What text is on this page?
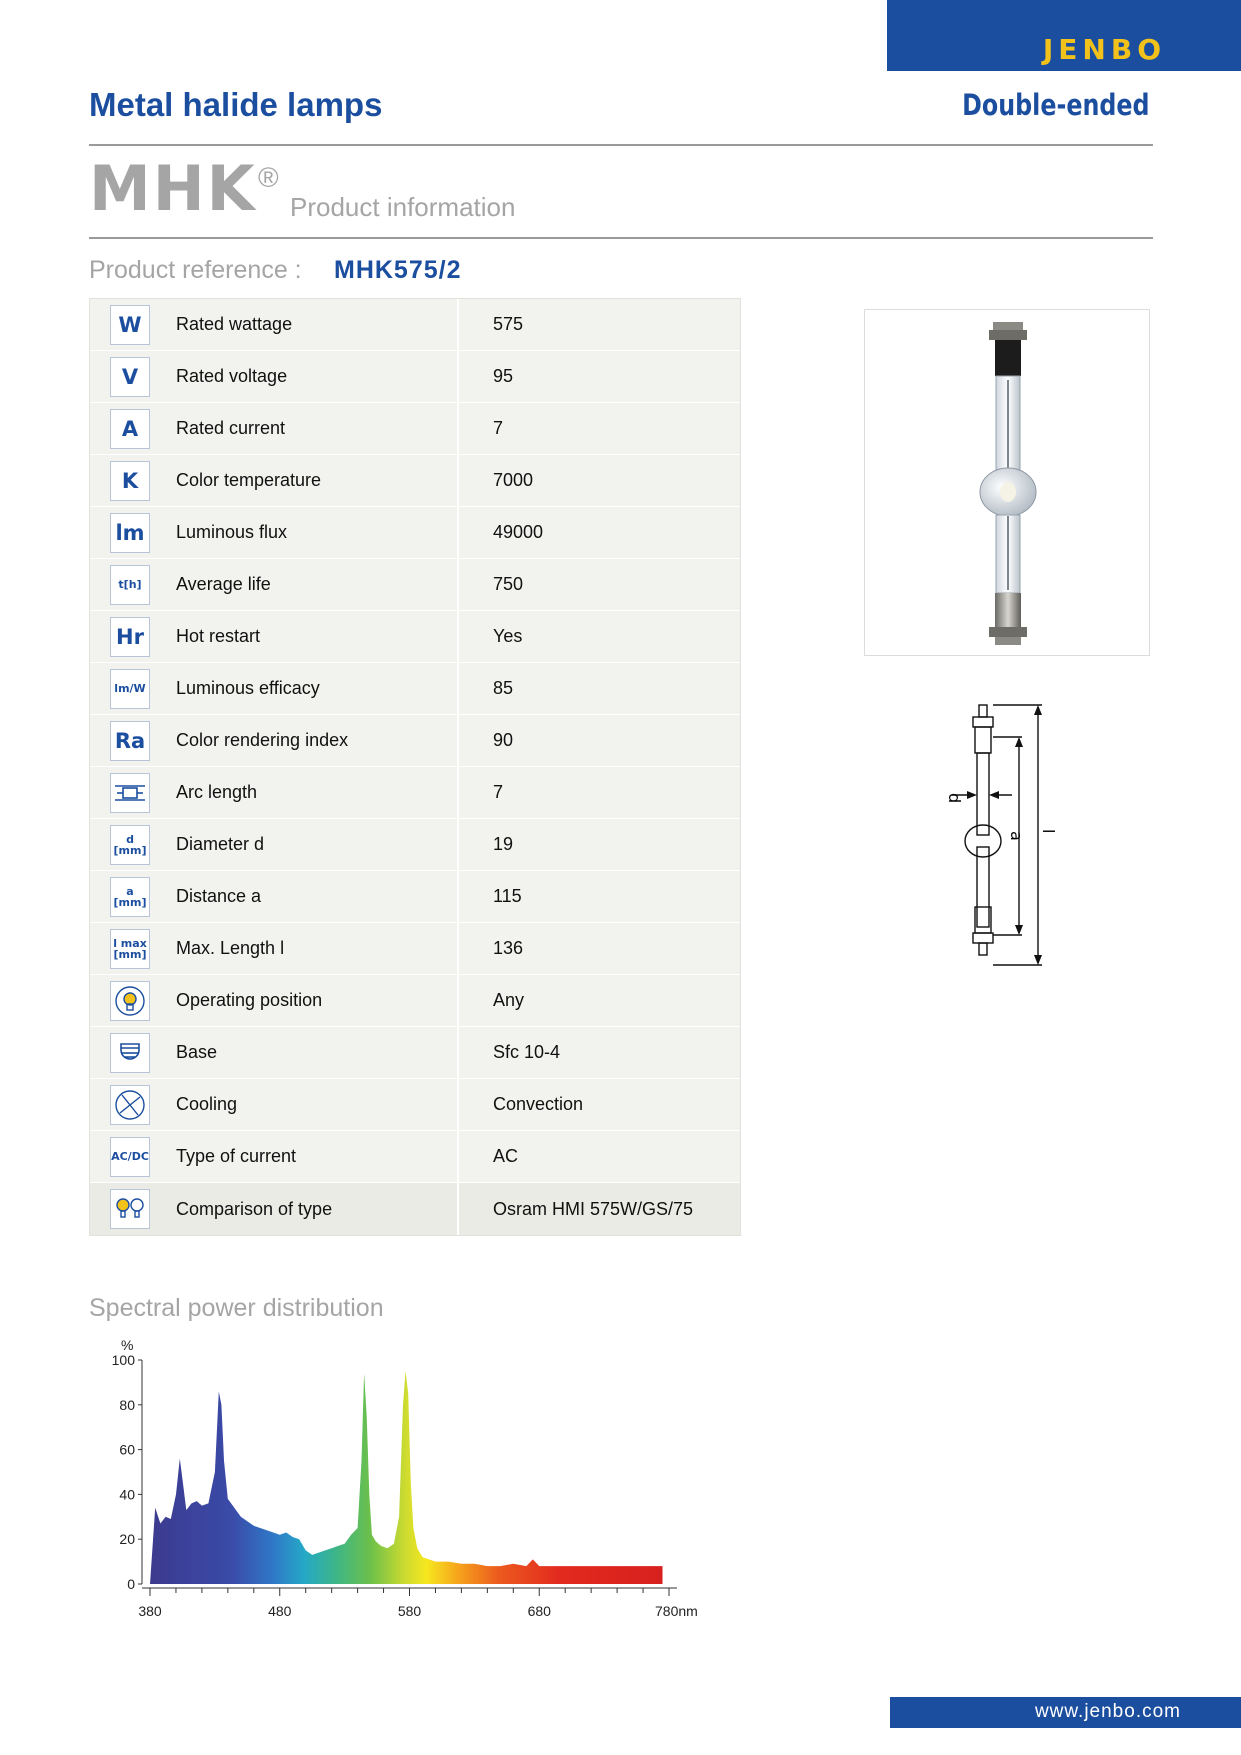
JENBO
Metal halide lamps	Double-ended
MHK ®
Product information
Product reference : MHK575/2
W	Rated wattage	575
V	Rated voltage	95
A	Rated current	7
K	Color temperature	7000
lm	Luminous flux	49000
t[h]	Average life	750
Hr	Hot restart	Yes
lm/W	Luminous efficacy	85
Ra	Color rendering index	90
Arc length	7
d [mm]	Diameter d	19
a [mm]	Distance a	115
l max [mm]	Max. Length l	136
Operating position	Any
Base	Sfc 10-4
Cooling	Convection
AC/DC	Type of current	AC
Comparison of type	Osram HMI 575W/GS/75
d
a l
Spectral power distribution
0
20
40
60
80
100
%
380	480	580	680	780nm
www.jenbo.com
